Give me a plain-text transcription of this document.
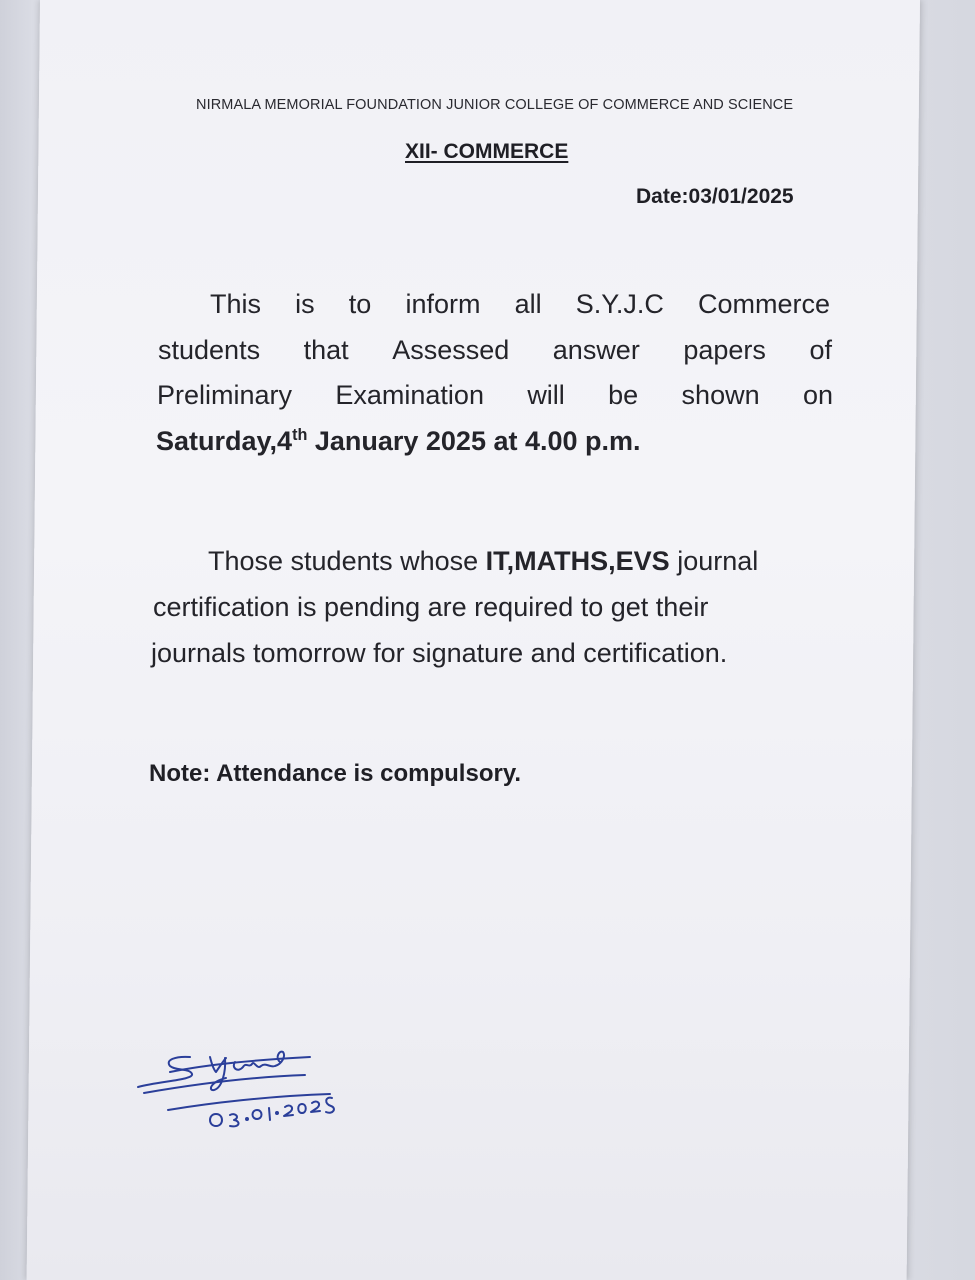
NIRMALA MEMORIAL FOUNDATION JUNIOR COLLEGE OF COMMERCE AND SCIENCE
XII- COMMERCE
Date:03/01/2025
This is to inform all S.Y.J.C Commerce
students that Assessed answer papers of
Preliminary Examination will be shown on
Saturday,4th January 2025 at 4.00 p.m.
Those students whose IT,MATHS,EVS journal
certification is pending are required to get their
journals tomorrow for signature and certification.
Note: Attendance is compulsory.
